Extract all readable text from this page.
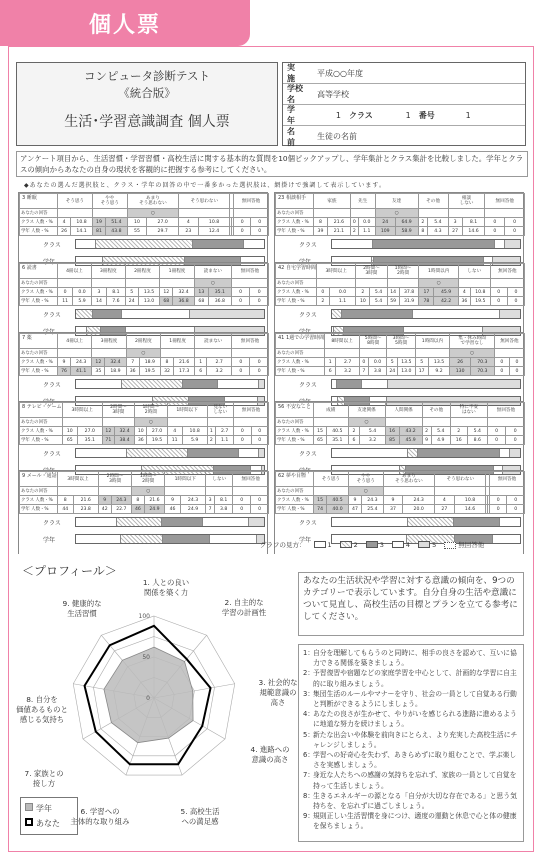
個人票
コンピュータ診断テスト
《統合版》
生活･学習意識調査 個人票
実 施
平成○○年度
学校名
高等学校
学 年
1	クラス	1	番号	1
名 前
生徒の名前
アンケート項目から、生活習慣・学習習慣・高校生活に関する基本的な質問を10個ピックアップし、学年集計とクラス集計を比較しました。学年とクラスの傾向からあなたの自身の現状を客観的に把握する参考にしてください。
◆あなたの選んだ選択肢と、クラス・学年の回答の中で一番多かった選択肢は、網掛けで強調して表示しています。
3 睡眠	そう思う		やや
そう思う		あまり
そう思わない		そう思わない				無回答他	
あなたの回答					○							
クラス 人数・%	4	10.8	19	51.4	10	27.0	4	10.8			0	0
学年 人数・%	26	14.1	81	43.8	55	29.7	23	12.4			0	0
クラス
学年
6 読書	4冊以上		3冊程度		2冊程度		1冊程度		読まない		無回答他	
あなたの回答									○			
クラス 人数・%	0	0.0	3	8.1	5	13.5	12	32.4	13	35.1	0	0
学年 人数・%	11	5.9	14	7.6	24	13.0	68	36.8	68	36.8	0	0
クラス
学年
7 薬	4冊以上		3冊程度		2冊程度		1冊程度		読まない		無回答他	
あなたの回答					○							
クラス 人数・%	9	24.3	12	32.4	7	18.9	8	21.6	1	2.7	0	0
学年 人数・%	76	41.1	35	18.9	36	19.5	32	17.3	6	3.2	0	0
クラス
学年
8 テレビ・ゲーム	3時間以上		2時間～
3時間		1時間～
2時間		1時間以下		見ない
しない		無回答他	
あなたの回答					○							
クラス 人数・%	10	27.0	12	32.4	10	27.0	4	10.8	1	2.7	0	0
学年 人数・%	65	35.1	71	38.4	36	19.5	11	5.9	2	1.1	0	0
クラス
学年
9 メール・通話	3時間以上		2時間～
3時間		1時間～
2時間		1時間以下		しない		無回答他	
あなたの回答					○							
クラス 人数・%	8	21.6	9	24.3	8	21.6	9	24.3	3	8.1	0	0
学年 人数・%	44	23.8	42	22.7	46	24.9	46	24.9	7	3.8	0	0
クラス
学年
23 相談相手	家族		先生		友達		その他		相談
しない		無回答他	
あなたの回答					○							
クラス 人数・%	8	21.6	0	0.0	24	64.9	2	5.4	3	8.1	0	0
学年 人数・%	39	21.1	2	1.1	109	58.9	8	4.3	27	14.6	0	0
クラス
学年
42 自宅学習時間	3時間以上		2時間～
3時間		1時間～
2時間		1時間以内		しない		無回答他	
あなたの回答							○					
クラス 人数・%	0	0.0	2	5.4	14	37.8	17	45.9	4	10.8	0	0
学年 人数・%	2	1.1	10	5.4	59	31.9	78	42.2	36	19.5	0	0
クラス
学年
41 1週での学習時間	8時間以上		5時間～
8時間		3時間～
5時間		1時間以内		集・休み時間
で学習なし		無回答他	
あなたの回答									○			
クラス 人数・%	1	2.7	0	0.0	5	13.5	5	13.5	26	70.3	0	0
学年 人数・%	6	3.2	7	3.8	24	13.0	17	9.2	130	70.3	0	0
クラス
学年
56 不安なこと	成績		友達関係		人間関係		その他		特に不安
はない		無回答他	
あなたの回答			○									
クラス 人数・%	15	40.5	2	5.4	16	43.2	2	5.4	2	5.4	0	0
学年 人数・%	65	35.1	6	3.2	85	45.9	9	4.9	16	8.6	0	0
クラス
学年
62 夢や目標	そう思う		やや
そう思う		あまり
そう思わない		そう思わない				無回答他	
あなたの回答			○									
クラス 人数・%	15	40.5	9	24.3	9	24.3	4	10.8			0	0
学年 人数・%	74	40.0	47	25.4	37	20.0	27	14.6			0	0
クラス
学年
グラフの見方：	1	2	3	4	5	無回答他
＜プロフィール＞
あなたの生活状況や学習に対する意識の傾向を、9つのカテゴリーで表示しています。自分自身の生活や意識について見直し、高校生活の目標とプランを立てる参考にしてください。
100
50
0
1. 人との良い関係を築く力
2. 自主的な学習の計画性
3. 社会的な規範意識の高さ
4. 進路への意識の高さ
5. 高校生活への満足感
6. 学習への主体的な取り組み
7. 家族との接し方
8. 自分を価値あるものと感じる気持ち
9. 健康的な生活習慣
学年
あなた
1：
自分を理解してもらうのと同時に、相手の良さを認めて、互いに協力できる関係を築きましょう。
2：
予習復習や宿題などの家庭学習を中心として、計画的な学習に自主的に取り組みましょう。
3：
集団生活のルールやマナーを守り、社会の一員として自覚ある行動と判断ができるようにしましょう。
4：
あなたの良さが生かせて、やりがいを感じられる進路に進めるように地道な努力を続けましょう。
5：
新たな出会いや体験を前向きにとらえ、より充実した高校生活にチャレンジしましょう。
6：
学習への好奇心を失わず、あきらめずに取り組むことで、学ぶ楽しさを実感しましょう。
7：
身近な人たちへの感謝の気持ちを忘れず、家族の一員として自覚を持って生活しましょう。
8：
生きるエネルギーの源となる「自分が大切な存在である」と思う気持ちを、を忘れずに過ごしましょう。
9：
規則正しい生活習慣を身につけ、適度の運動と休息で心と体の健康を保ちましょう。
